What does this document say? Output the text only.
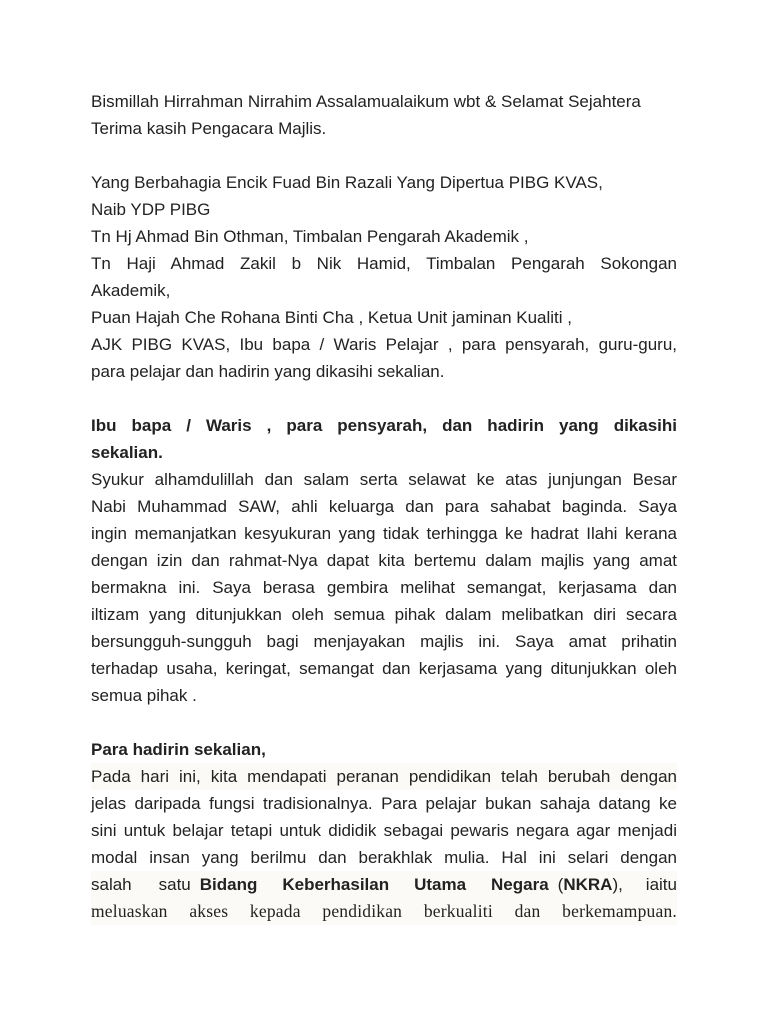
Bismillah Hirrahman Nirrahim Assalamualaikum wbt & Selamat Sejahtera
Terima kasih Pengacara Majlis.
Yang Berbahagia Encik Fuad Bin Razali Yang Dipertua PIBG KVAS,
Naib YDP PIBG
Tn Hj Ahmad Bin Othman, Timbalan Pengarah Akademik ,
Tn Haji Ahmad Zakil b Nik Hamid, Timbalan Pengarah Sokongan
Akademik,
Puan Hajah Che Rohana Binti Cha , Ketua Unit jaminan Kualiti ,
AJK PIBG KVAS, Ibu bapa / Waris Pelajar , para pensyarah, guru-guru,
para pelajar dan hadirin yang dikasihi sekalian.
Ibu bapa / Waris , para pensyarah, dan hadirin yang dikasihi
sekalian.
Syukur alhamdulillah dan salam serta selawat ke atas junjungan Besar
Nabi Muhammad SAW, ahli keluarga dan para sahabat baginda. Saya
ingin memanjatkan kesyukuran yang tidak terhingga ke hadrat Ilahi kerana
dengan izin dan rahmat-Nya dapat kita bertemu dalam majlis yang amat
bermakna ini. Saya berasa gembira melihat semangat, kerjasama dan
iltizam yang ditunjukkan oleh semua pihak dalam melibatkan diri secara
bersungguh-sungguh bagi menjayakan majlis ini. Saya amat prihatin
terhadap usaha, keringat, semangat dan kerjasama yang ditunjukkan oleh
semua pihak .
Para hadirin sekalian,
Pada hari ini, kita mendapati peranan pendidikan telah berubah dengan
jelas daripada fungsi tradisionalnya. Para pelajar bukan sahaja datang ke
sini untuk belajar tetapi untuk dididik sebagai pewaris negara agar menjadi
modal insan yang berilmu dan berakhlak mulia. Hal ini selari dengan
salah satu Bidang Keberhasilan Utama Negara (NKRA), iaitu
meluaskan akses kepada pendidikan berkualiti dan berkemampuan.
